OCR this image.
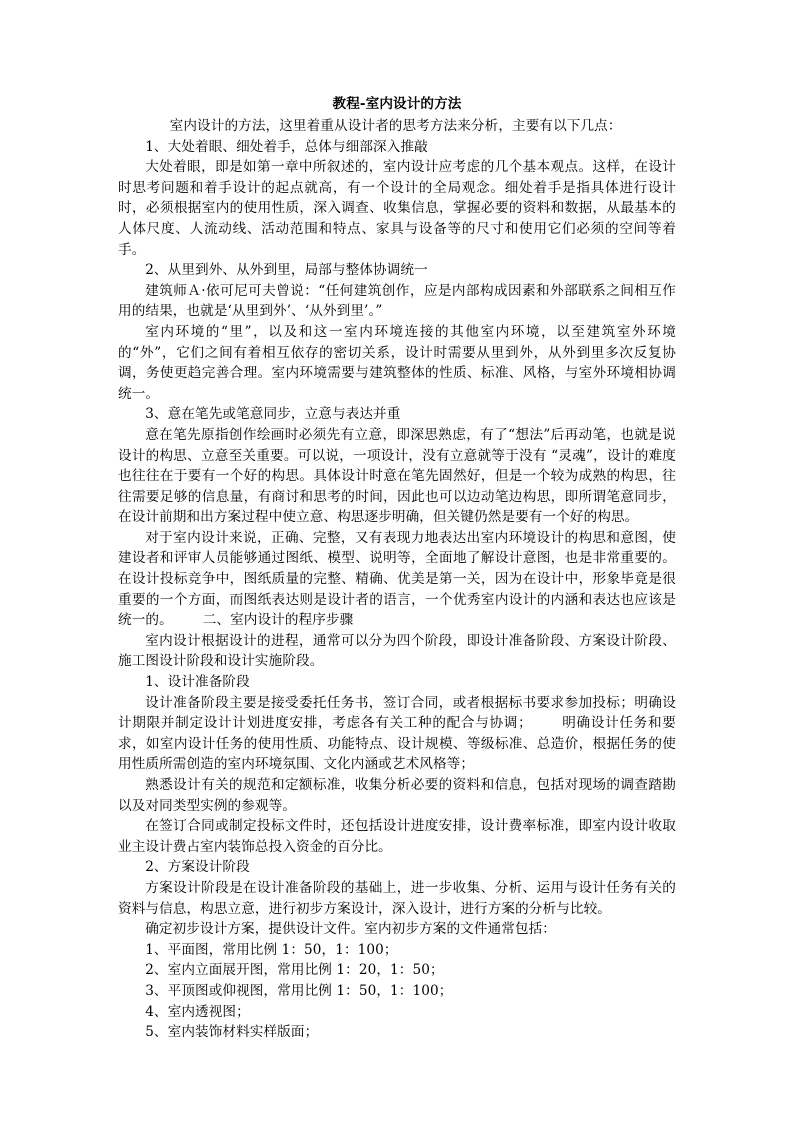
教程-室内设计的方法

室内设计的方法，这里着重从设计者的思考方法来分析，主要有以下几点：

1、大处着眼、细处着手，总体与细部深入推敲

大处着眼，即是如第一章中所叙述的，室内设计应考虑的几个基本观点。这样，在设计时思考问题和着手设计的起点就高，有一个设计的全局观念。细处着手是指具体进行设计时，必须根据室内的使用性质，深入调查、收集信息，掌握必要的资料和数据，从最基本的人体尺度、人流动线、活动范围和特点、家具与设备等的尺寸和使用它们必须的空间等着手。

2、从里到外、从外到里，局部与整体协调统一

建筑师Ａ·依可尼可夫曾说：“任何建筑创作，应是内部构成因素和外部联系之间相互作用的结果，也就是‘从里到外’、‘从外到里’。”

室内环境的“里”，以及和这一室内环境连接的其他室内环境，以至建筑室外环境的“外”，它们之间有着相互依存的密切关系，设计时需要从里到外，从外到里多次反复协调，务使更趋完善合理。室内环境需要与建筑整体的性质、标准、风格，与室外环境相协调统一。

3、意在笔先或笔意同步，立意与表达并重

意在笔先原指创作绘画时必须先有立意，即深思熟虑，有了“想法”后再动笔，也就是说设计的构思、立意至关重要。可以说，一项设计，没有立意就等于没有 “灵魂”，设计的难度也往往在于要有一个好的构思。具体设计时意在笔先固然好，但是一个较为成熟的构思，往往需要足够的信息量，有商讨和思考的时间，因此也可以边动笔边构思，即所谓笔意同步，在设计前期和出方案过程中使立意、构思逐步明确，但关键仍然是要有一个好的构思。

对于室内设计来说，正确、完整，又有表现力地表达出室内环境设计的构思和意图，使建设者和评审人员能够通过图纸、模型、说明等，全面地了解设计意图，也是非常重要的。在设计投标竞争中，图纸质量的完整、精确、优美是第一关，因为在设计中，形象毕竟是很重要的一个方面，而图纸表达则是设计者的语言，一个优秀室内设计的内涵和表达也应该是统一的。 二、室内设计的程序步骤

室内设计根据设计的进程，通常可以分为四个阶段，即设计准备阶段、方案设计阶段、施工图设计阶段和设计实施阶段。

1、设计准备阶段

设计准备阶段主要是接受委托任务书，签订合同，或者根据标书要求参加投标；明确设计期限并制定设计计划进度安排，考虑各有关工种的配合与协调； 明确设计任务和要求，如室内设计任务的使用性质、功能特点、设计规模、等级标准、总造价，根据任务的使用性质所需创造的室内环境氛围、文化内涵或艺术风格等；

熟悉设计有关的规范和定额标准，收集分析必要的资料和信息，包括对现场的调查踏勘以及对同类型实例的参观等。

在签订合同或制定投标文件时，还包括设计进度安排，设计费率标准，即室内设计收取业主设计费占室内装饰总投入资金的百分比。

2、方案设计阶段

方案设计阶段是在设计准备阶段的基础上，进一步收集、分析、运用与设计任务有关的资料与信息，构思立意，进行初步方案设计，深入设计，进行方案的分析与比较。

确定初步设计方案，提供设计文件。室内初步方案的文件通常包括：

1、平面图，常用比例 1：50，1：100；

2、室内立面展开图，常用比例 1：20，1：50；

3、平顶图或仰视图，常用比例 1：50，1：100；

4、室内透视图；

5、室内装饰材料实样版面；
